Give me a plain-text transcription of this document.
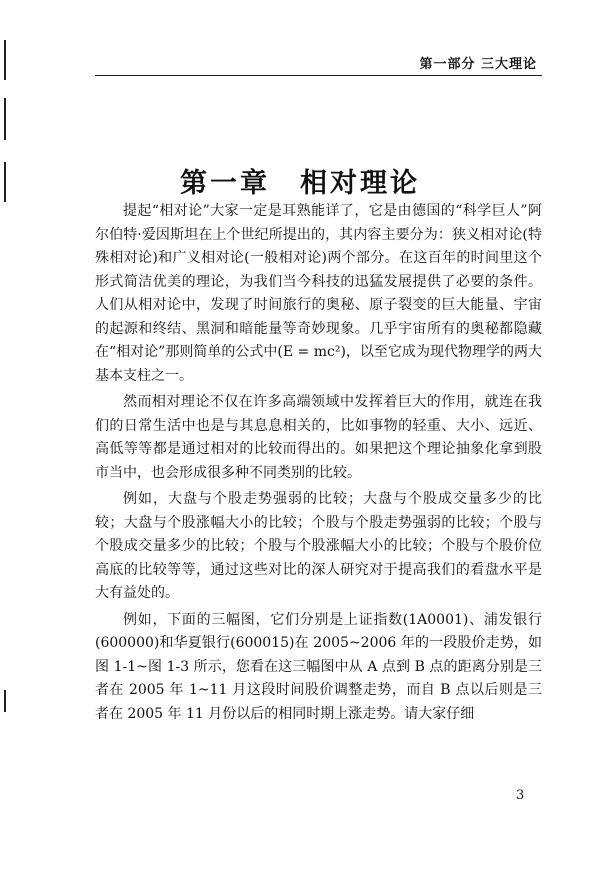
第一部分 三大理论
第一章　相对理论

提起“相对论”大家一定是耳熟能详了，它是由德国的“科学巨人”阿尔伯特·爱因斯坦在上个世纪所提出的，其内容主要分为：狭义相对论(特殊相对论)和广义相对论(一般相对论)两个部分。在这百年的时间里这个形式简洁优美的理论，为我们当今科技的迅猛发展提供了必要的条件。人们从相对论中，发现了时间旅行的奥秘、原子裂变的巨大能量、宇宙的起源和终结、黑洞和暗能量等奇妙现象。几乎宇宙所有的奥秘都隐藏在“相对论”那则简单的公式中(E = mc²)，以至它成为现代物理学的两大基本支柱之一。

然而相对理论不仅在许多高端领域中发挥着巨大的作用，就连在我们的日常生活中也是与其息息相关的，比如事物的轻重、大小、远近、高低等等都是通过相对的比较而得出的。如果把这个理论抽象化拿到股市当中，也会形成很多种不同类别的比较。

例如，大盘与个股走势强弱的比较；大盘与个股成交量多少的比较；大盘与个股涨幅大小的比较；个股与个股走势强弱的比较；个股与个股成交量多少的比较；个股与个股涨幅大小的比较；个股与个股价位高底的比较等等，通过这些对比的深人研究对于提高我们的看盘水平是大有益处的。

例如，下面的三幅图，它们分别是上证指数(1A0001)、浦发银行(600000)和华夏银行(600015)在 2005~2006 年的一段股价走势，如图 1-1~图 1-3 所示，您看在这三幅图中从 A 点到 B 点的距离分别是三者在 2005 年 1~11 月这段时间股价调整走势，而自 B 点以后则是三者在 2005 年 11 月份以后的相同时期上涨走势。请大家仔细

3
